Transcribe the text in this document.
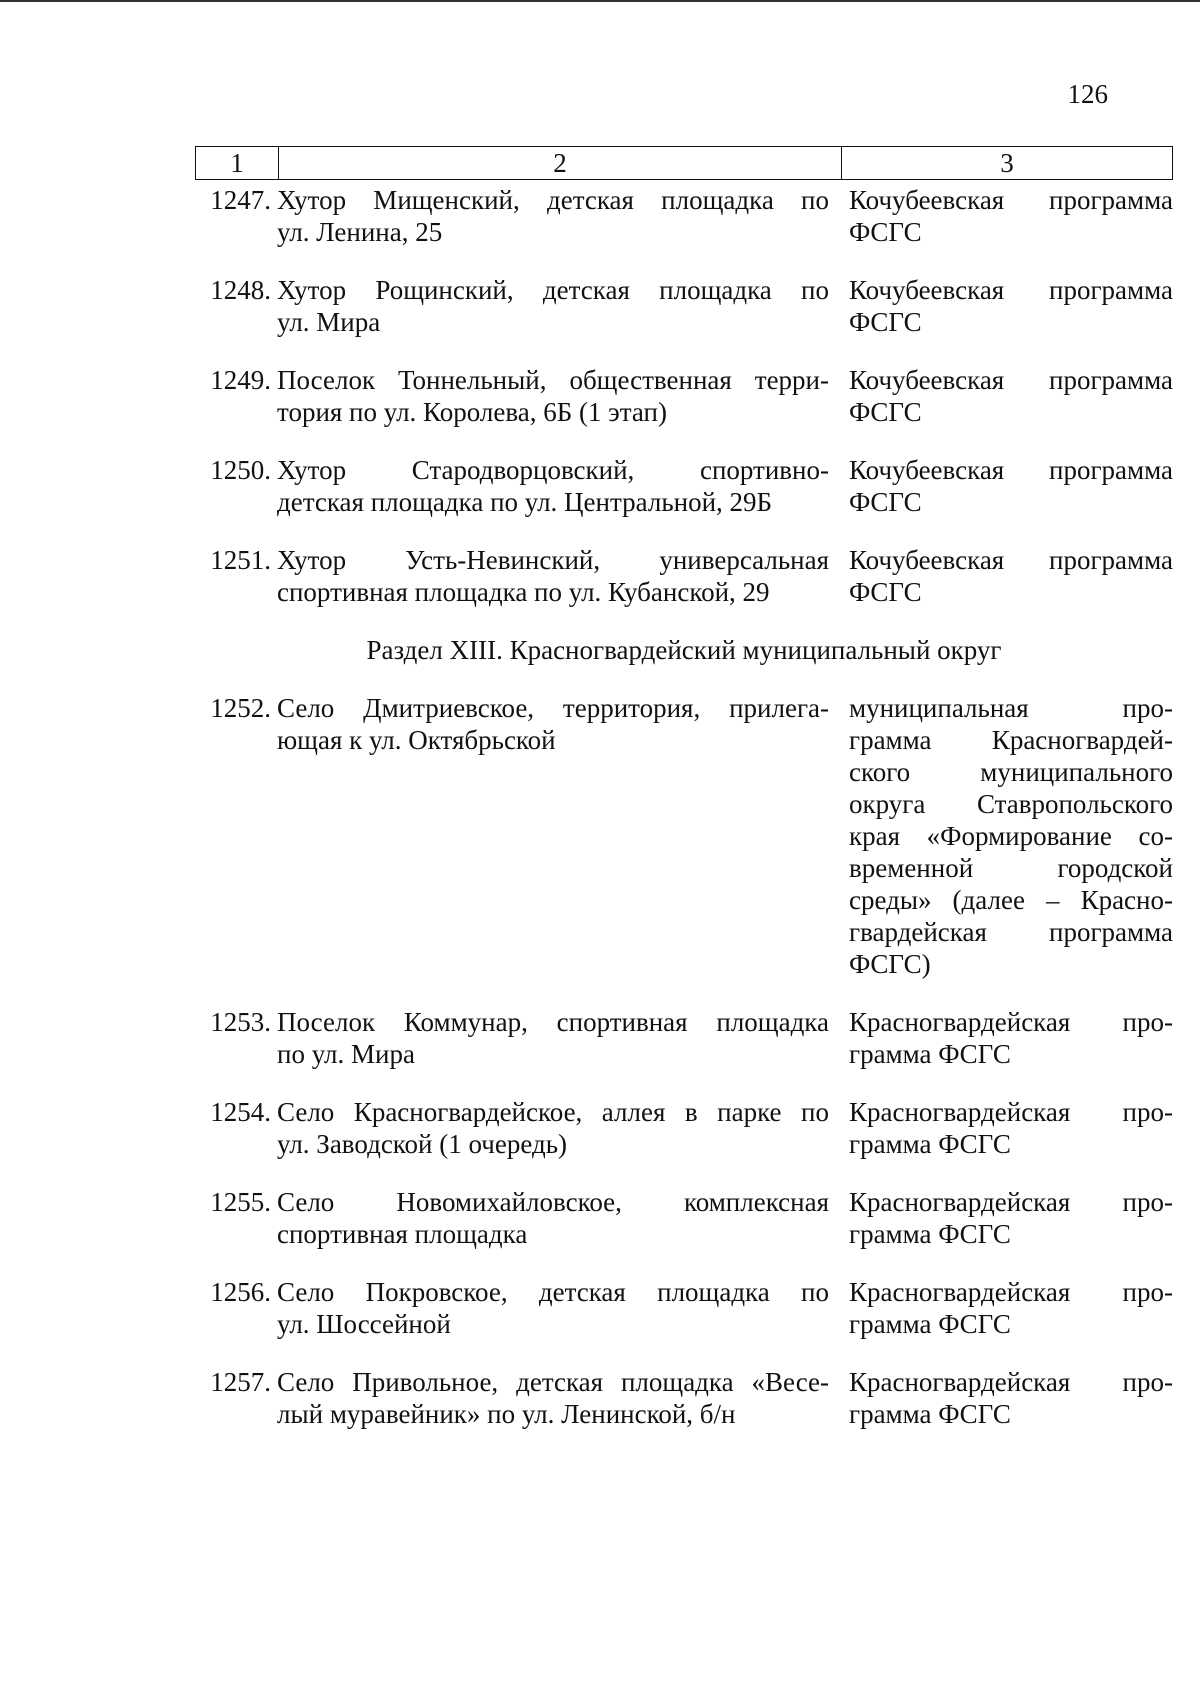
126
1	2	3
1247. Хутор Мищенский, детская площадка по
ул. Ленина, 25
Кочубеевская программа
ФСГС
1248. Хутор Рощинский, детская площадка по
ул. Мира
Кочубеевская программа
ФСГС
1249. Поселок Тоннельный, общественная терри-
тория по ул. Королева, 6Б (1 этап)
Кочубеевская программа
ФСГС
1250. Хутор Стародворцовский, спортивно-
детская площадка по ул. Центральной, 29Б
Кочубеевская программа
ФСГС
1251. Хутор Усть-Невинский, универсальная
спортивная площадка по ул. Кубанской, 29
Кочубеевская программа
ФСГС
Раздел XIII. Красногвардейский муниципальный округ
1252. Село Дмитриевское, территория, прилега-
ющая к ул. Октябрьской
муниципальная про-
грамма Красногвардей-
ского муниципального
округа Ставропольского
края «Формирование со-
временной городской
среды» (далее – Красно-
гвардейская программа
ФСГС)
1253. Поселок Коммунар, спортивная площадка
по ул. Мира
Красногвардейская про-
грамма ФСГС
1254. Село Красногвардейское, аллея в парке по
ул. Заводской (1 очередь)
Красногвардейская про-
грамма ФСГС
1255. Село Новомихайловское, комплексная
спортивная площадка
Красногвардейская про-
грамма ФСГС
1256. Село Покровское, детская площадка по
ул. Шоссейной
Красногвардейская про-
грамма ФСГС
1257. Село Привольное, детская площадка «Весе-
лый муравейник» по ул. Ленинской, б/н
Красногвардейская про-
грамма ФСГС
